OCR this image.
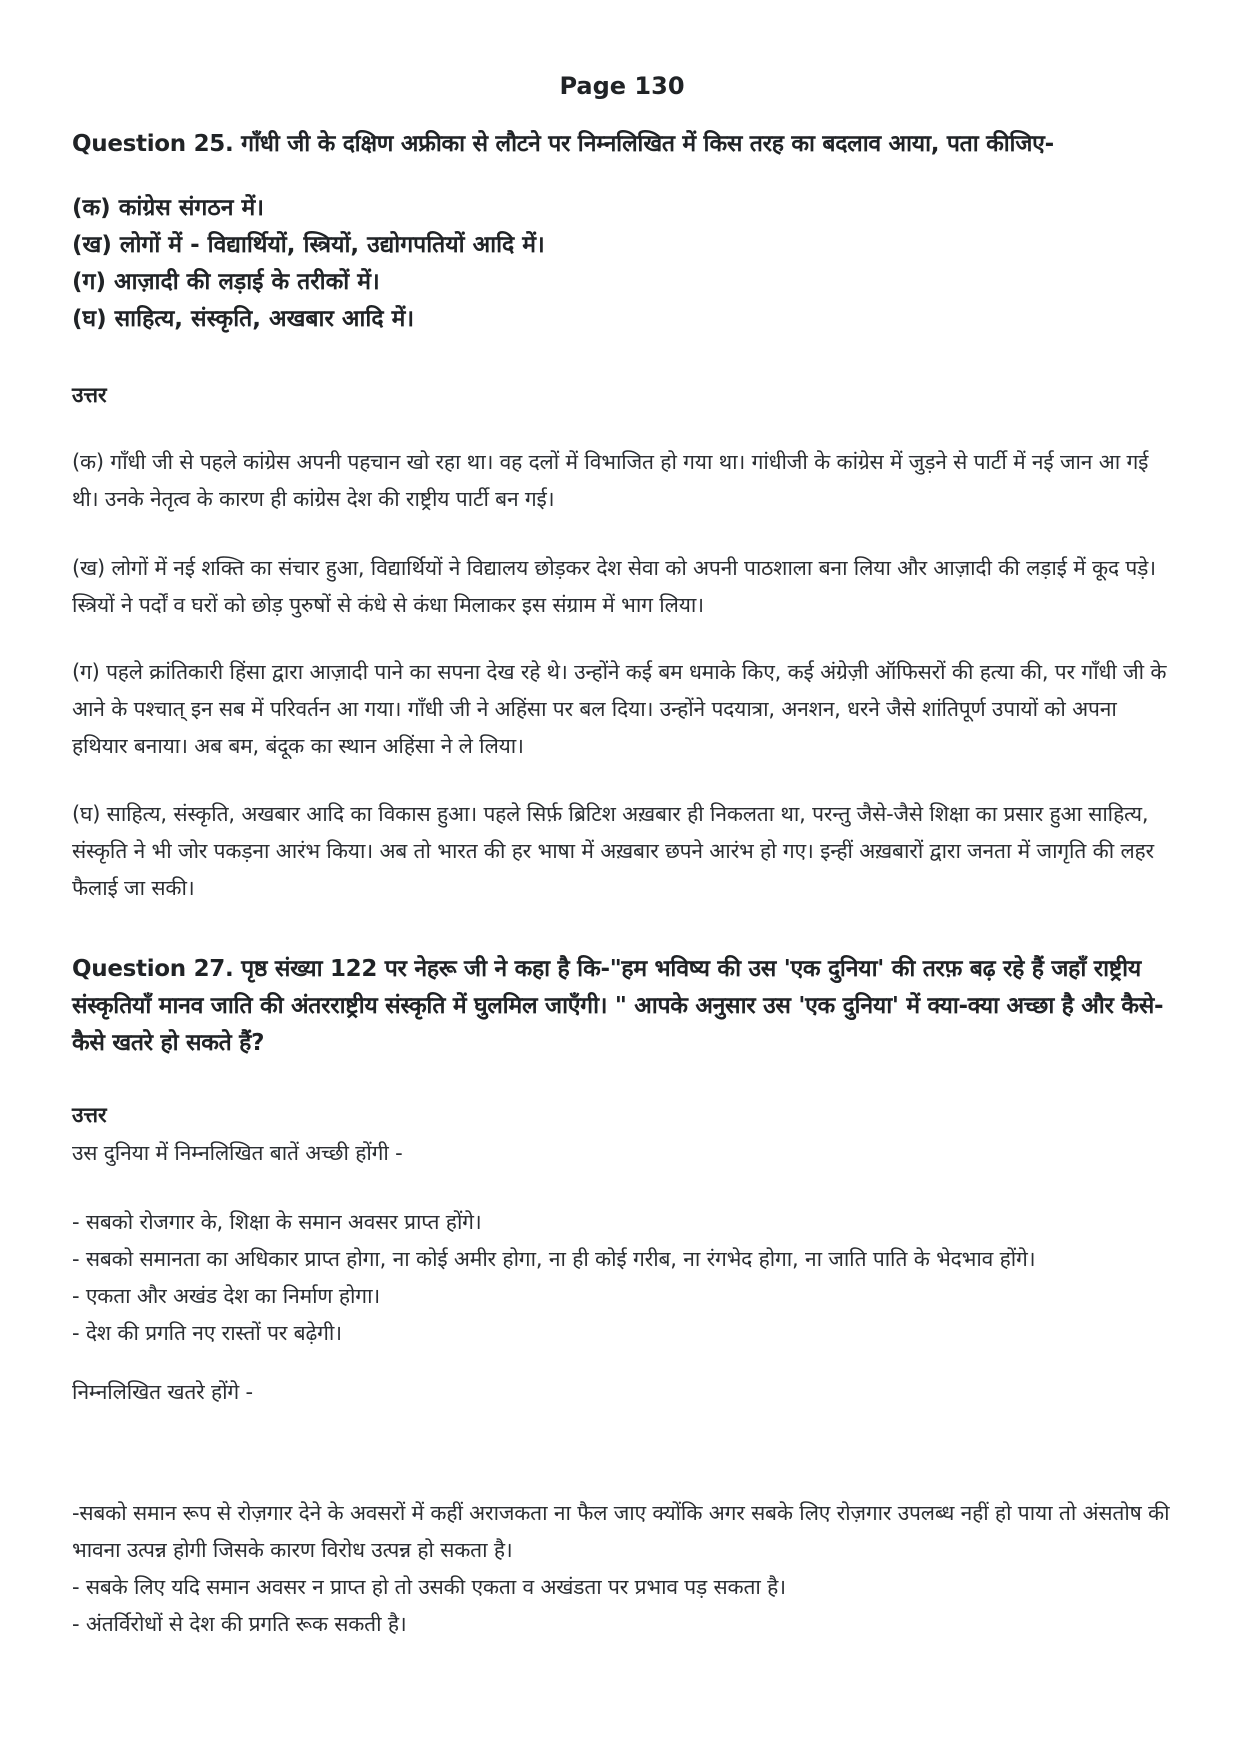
Page 130
Question 25. गाँधी जी के दक्षिण अफ्रीका से लौटने पर निम्नलिखित में किस तरह का बदलाव आया, पता कीजिए-
(क) कांग्रेस संगठन में।
(ख) लोगों में - विद्यार्थियों, स्त्रियों, उद्योगपतियों आदि में।
(ग) आज़ादी की लड़ाई के तरीकों में।
(घ) साहित्य, संस्कृति, अखबार आदि में।
उत्तर
(क) गाँधी जी से पहले कांग्रेस अपनी पहचान खो रहा था। वह दलों में विभाजित हो गया था। गांधीजी के कांग्रेस में जुड़ने से पार्टी में नई जान आ गई थी। उनके नेतृत्व के कारण ही कांग्रेस देश की राष्ट्रीय पार्टी बन गई।
(ख) लोगों में नई शक्ति का संचार हुआ, विद्यार्थियों ने विद्यालय छोड़कर देश सेवा को अपनी पाठशाला बना लिया और आज़ादी की लड़ाई में कूद पड़े। स्त्रियों ने पर्दों व घरों को छोड़ पुरुषों से कंधे से कंधा मिलाकर इस संग्राम में भाग लिया।
(ग) पहले क्रांतिकारी हिंसा द्वारा आज़ादी पाने का सपना देख रहे थे। उन्होंने कई बम धमाके किए, कई अंग्रेज़ी ऑफिसरों की हत्या की, पर गाँधी जी के आने के पश्चात् इन सब में परिवर्तन आ गया। गाँधी जी ने अहिंसा पर बल दिया। उन्होंने पदयात्रा, अनशन, धरने जैसे शांतिपूर्ण उपायों को अपना हथियार बनाया। अब बम, बंदूक का स्थान अहिंसा ने ले लिया।
(घ) साहित्य, संस्कृति, अखबार आदि का विकास हुआ। पहले सिर्फ़ ब्रिटिश अख़बार ही निकलता था, परन्तु जैसे-जैसे शिक्षा का प्रसार हुआ साहित्य, संस्कृति ने भी जोर पकड़ना आरंभ किया। अब तो भारत की हर भाषा में अख़बार छपने आरंभ हो गए। इन्हीं अख़बारों द्वारा जनता में जागृति की लहर फैलाई जा सकी।
Question 27. पृष्ठ संख्या 122 पर नेहरू जी ने कहा है कि-"हम भविष्य की उस 'एक दुनिया' की तरफ़ बढ़ रहे हैं जहाँ राष्ट्रीय संस्कृतियाँ मानव जाति की अंतरराष्ट्रीय संस्कृति में घुलमिल जाएँगी। " आपके अनुसार उस 'एक दुनिया' में क्या-क्या अच्छा है और कैसे-कैसे खतरे हो सकते हैं?
उत्तर
उस दुनिया में निम्नलिखित बातें अच्छी होंगी -
- सबको रोजगार के, शिक्षा के समान अवसर प्राप्त होंगे।
- सबको समानता का अधिकार प्राप्त होगा, ना कोई अमीर होगा, ना ही कोई गरीब, ना रंगभेद होगा, ना जाति पाति के भेदभाव होंगे।
- एकता और अखंड देश का निर्माण होगा।
- देश की प्रगति नए रास्तों पर बढ़ेगी।
निम्नलिखित खतरे होंगे -
-सबको समान रूप से रोज़गार देने के अवसरों में कहीं अराजकता ना फैल जाए क्योंकि अगर सबके लिए रोज़गार उपलब्ध नहीं हो पाया तो अंसतोष की भावना उत्पन्न होगी जिसके कारण विरोध उत्पन्न हो सकता है।
- सबके लिए यदि समान अवसर न प्राप्त हो तो उसकी एकता व अखंडता पर प्रभाव पड़ सकता है।
- अंतर्विरोधों से देश की प्रगति रूक सकती है।
